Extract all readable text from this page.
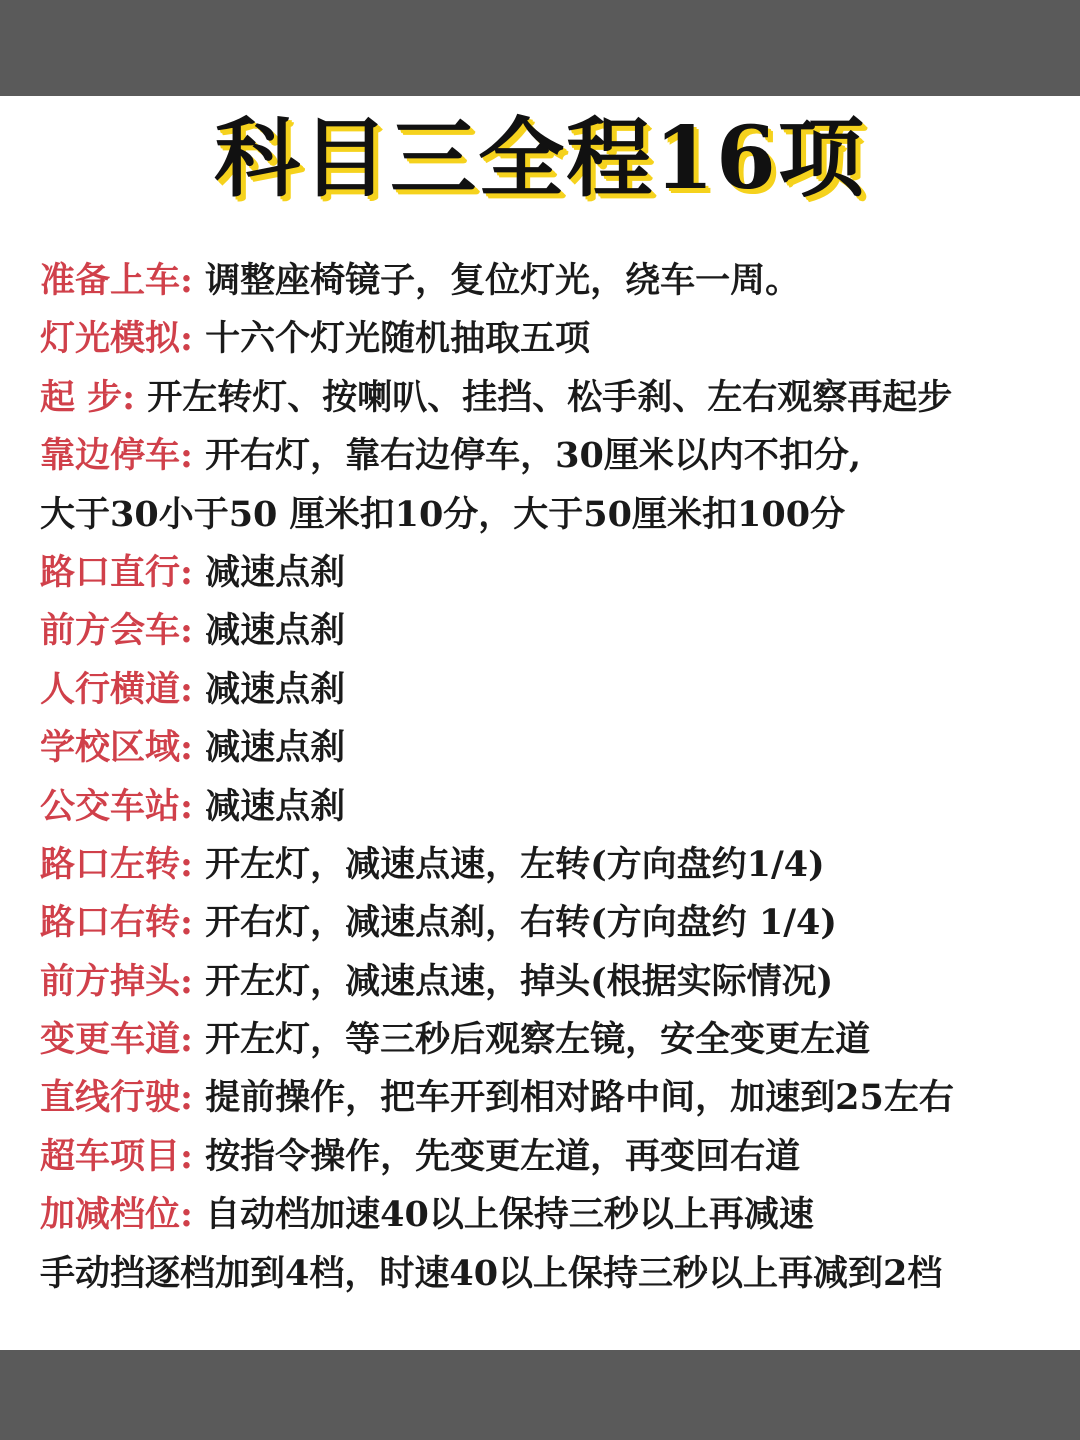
科目三全程16项
准备上车: 调整座椅镜子，复位灯光，绕车一周。
灯光模拟: 十六个灯光随机抽取五项
起 步: 开左转灯、按喇叭、挂挡、松手刹、左右观察再起步
靠边停车: 开右灯，靠右边停车，30厘米以内不扣分,
大于30小于50 厘米扣10分，大于50厘米扣100分
路口直行: 减速点刹
前方会车: 减速点刹
人行横道: 减速点刹
学校区域: 减速点刹
公交车站: 减速点刹
路口左转: 开左灯，减速点速，左转(方向盘约1/4)
路口右转: 开右灯，减速点刹，右转(方向盘约 1/4)
前方掉头: 开左灯，减速点速，掉头(根据实际情况)
变更车道: 开左灯，等三秒后观察左镜，安全变更左道
直线行驶: 提前操作，把车开到相对路中间，加速到25左右
超车项目: 按指令操作，先变更左道，再变回右道
加减档位: 自动档加速40以上保持三秒以上再减速
手动挡逐档加到4档，时速40以上保持三秒以上再减到2档
